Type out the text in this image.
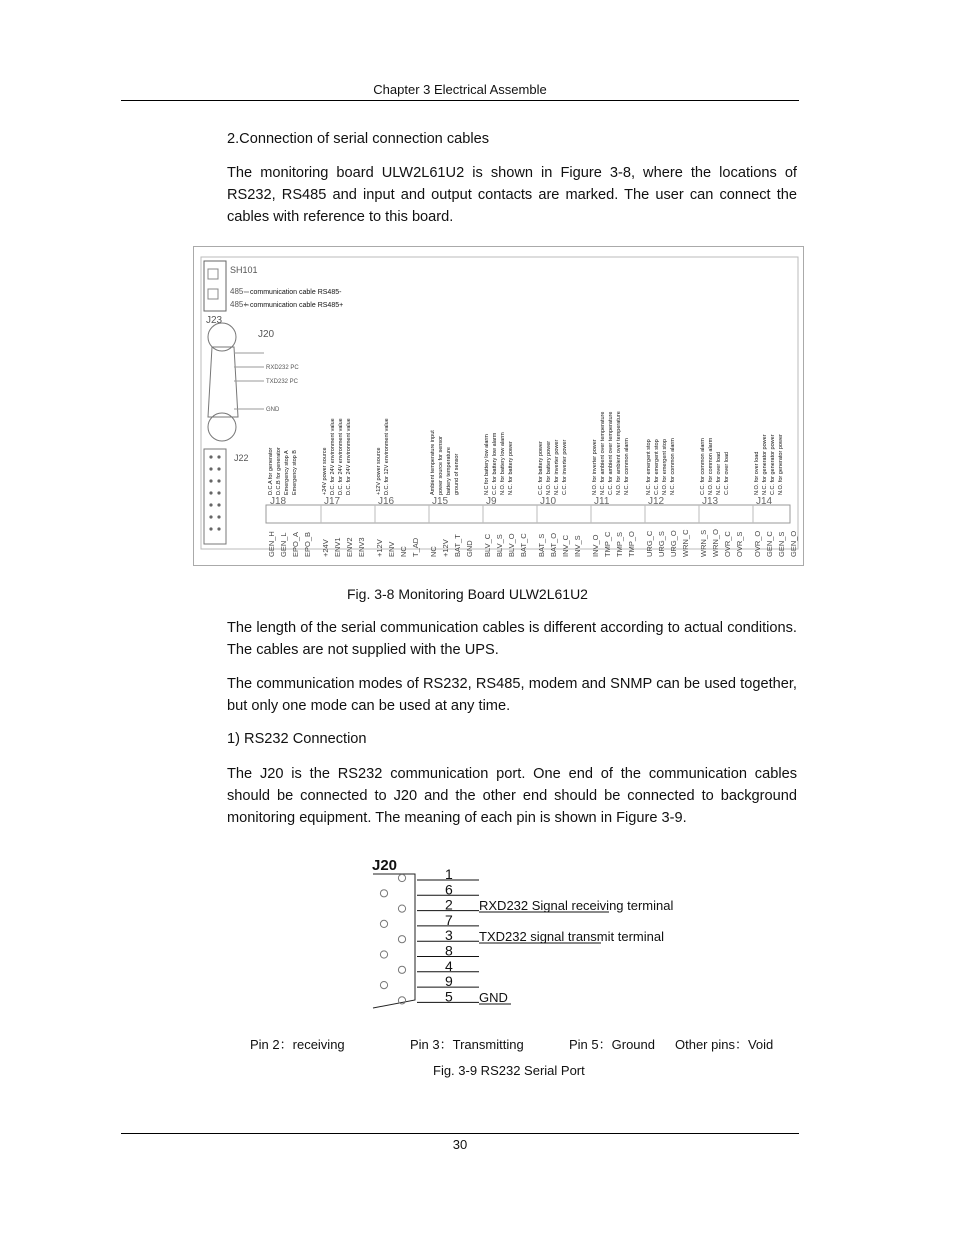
Chapter 3 Electrical Assemble
2.Connection of serial connection cables
The monitoring board ULW2L61U2 is shown in Figure 3-8, where the locations of RS232, RS485 and input and output contacts are marked. The user can connect the cables with reference to this board.
SH101
485-
485+
communication cable RS485-
communication cable RS485+
J23
J20
RXD232 PC
TXD232 PC
GND
J22
J18
D.C.A for generator D.C.B for generator Emergency stop A Emergency stop B
GEN_H GEN_L EPO_A EPO_B
J17
+24V power source D.C. for 24V environment value D.C. for 24V environment value D.C. for 24V environment value
+24V ENV1 ENV2 ENV3
J16
+12V power source D.C. for 12V environment value
+12V ENV NC T_AD
J15
Ambient temperature input power source for sensor battery temperature ground of sensor
NC +12V BAT_T GND
J9
N.C for battery low alarm C.C. for battery low alarm N.O. for battery low alarm N.C. for battery power
BLV_C BLV_S BLV_O BAT_C
J10
C.C. for battery power N.O. for battery power N.C. for inverter power C.C. for inverter power
BAT_S BAT_O INV_C INV_S
J11
N.O. for inverter power N.C. for ambient over temperature C.C. for ambient over temperature N.O. for ambient over temperature N.C. for common alarm
INV_O TMP_C TMP_S TMP_O
J12
N.C. for emergent stop C.C. for emergent stop N.O. for emergent stop N.C. for common alarm
URG_C URG_S URG_O WRN_C
J13
C.C. for common alarm N.O. for common alarm N.C. for over load C.C. for over load
WRN_S WRN_O OVR_C OVR_S
J14
N.O. for over load N.C. for generator power C.C. for generator power N.O. for generator power
OVR_O GEN_C GEN_S GEN_O
Fig. 3-8 Monitoring Board ULW2L61U2
The length of the serial communication cables is different according to actual conditions. The cables are not supplied with the UPS.
The communication modes of RS232, RS485, modem and SNMP can be used together, but only one mode can be used at any time.
1) RS232 Connection
The J20 is the RS232 communication port. One end of the communication cables should be connected to J20 and the other end should be connected to background monitoring equipment. The meaning of each pin is shown in Figure 3-9.
J20	1
6
2
7
3
8
4
9
5
RXD232 Signal receiving terminal
TXD232 signal transmit terminal
GND
Pin 2：receiving	Pin 3：Transmitting	Pin 5：Ground Other pins：Void
Fig. 3-9 RS232 Serial Port
30
